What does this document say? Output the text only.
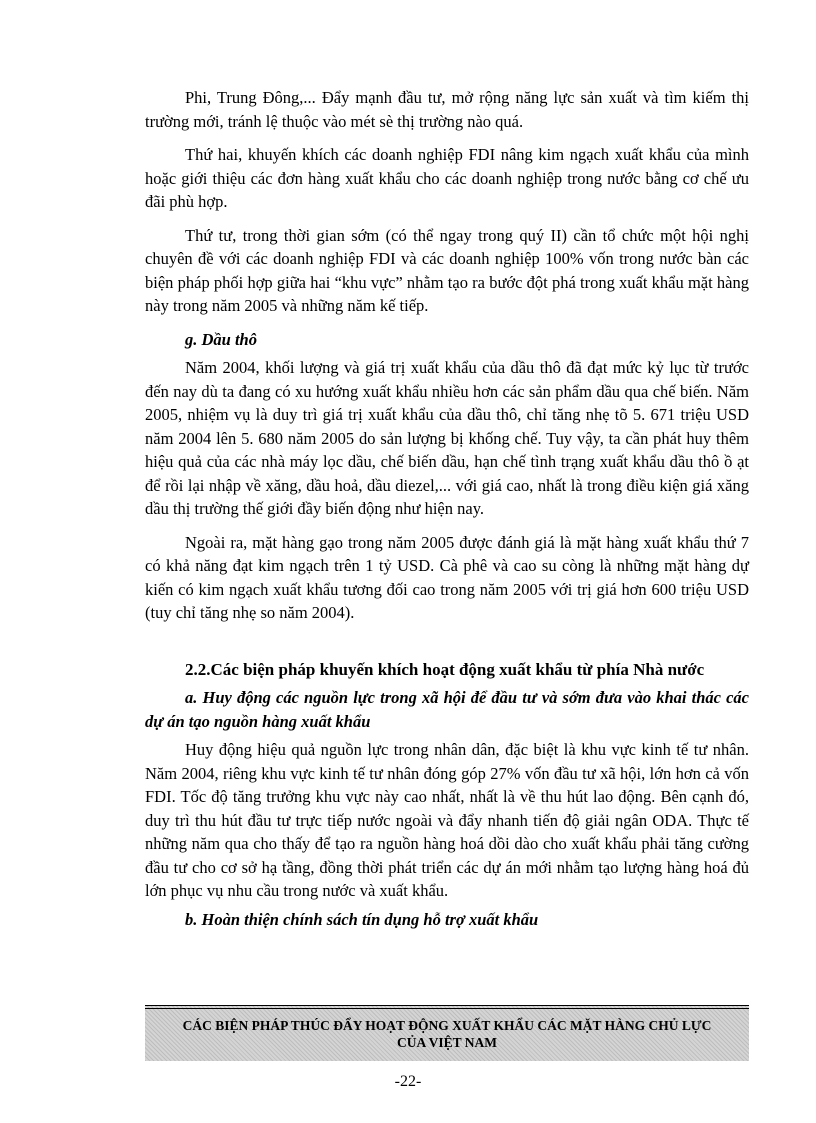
Phi, Trung Đông,... Đẩy mạnh đầu tư, mở rộng năng lực sản xuất và tìm kiếm thị trường mới, tránh lệ thuộc vào mét sè thị trường nào quá.

Thứ hai, khuyến khích các doanh nghiệp FDI nâng kim ngạch xuất khẩu của mình hoặc giới thiệu các đơn hàng xuất khẩu cho các doanh nghiệp trong nước bằng cơ chế ưu đãi phù hợp.

Thứ tư, trong thời gian sớm (có thể ngay trong quý II) cần tổ chức một hội nghị chuyên đề với các doanh nghiệp FDI và các doanh nghiệp 100% vốn trong nước bàn các biện pháp phối hợp giữa hai “khu vực” nhằm tạo ra bước đột phá trong xuất khẩu mặt hàng này trong năm 2005 và những năm kế tiếp.

g. Dầu thô

Năm 2004, khối lượng và giá trị xuất khẩu của dầu thô đã đạt mức kỷ lục từ trước đến nay dù ta đang có xu hướng xuất khẩu nhiều hơn các sản phẩm dầu qua chế biến. Năm 2005, nhiệm vụ là duy trì giá trị xuất khẩu của dầu thô, chỉ tăng nhẹ tõ 5. 671 triệu USD năm 2004 lên 5. 680 năm 2005 do sản lượng bị khống chế. Tuy vậy, ta cần phát huy thêm hiệu quả của các nhà máy lọc dầu, chế biến dầu, hạn chế tình trạng xuất khẩu dầu thô ồ ạt để rồi lại nhập về xăng, dầu hoả, dầu diezel,... với giá cao, nhất là trong điều kiện giá xăng dầu thị trường thế giới đầy biến động như hiện nay.

Ngoài ra, mặt hàng gạo trong năm 2005 được đánh giá là mặt hàng xuất khẩu thứ 7 có khả năng đạt kim ngạch trên 1 tỷ USD. Cà phê và cao su còng là những mặt hàng dự kiến có kim ngạch xuất khẩu tương đối cao trong năm 2005 với trị giá hơn 600 triệu USD (tuy chỉ tăng nhẹ so năm 2004).

2.2.Các biện pháp khuyến khích hoạt động xuất khẩu từ phía Nhà nước

a. Huy động các nguồn lực trong xã hội để đầu tư và sớm đưa vào khai thác các dự án tạo nguồn hàng xuất khẩu

Huy động hiệu quả nguồn lực trong nhân dân, đặc biệt là khu vực kinh tế tư nhân. Năm 2004, riêng khu vực kinh tế tư nhân đóng góp 27% vốn đầu tư xã hội, lớn hơn cả vốn FDI. Tốc độ tăng trưởng khu vực này cao nhất, nhất là về thu hút lao động. Bên cạnh đó, duy trì thu hút đầu tư trực tiếp nước ngoài và đẩy nhanh tiến độ giải ngân ODA. Thực tế những năm qua cho thấy để tạo ra nguồn hàng hoá dồi dào cho xuất khẩu phải tăng cường đầu tư cho cơ sở hạ tầng, đồng thời phát triển các dự án mới nhằm tạo lượng hàng hoá đủ lớn phục vụ nhu cầu trong nước và xuất khẩu.

b. Hoàn thiện chính sách tín dụng hỗ trợ xuất khẩu

CÁC BIỆN PHÁP THÚC ĐẨY HOẠT ĐỘNG XUẤT KHẨU CÁC MẶT HÀNG CHỦ LỰC
CỦA VIỆT NAM
-22-
